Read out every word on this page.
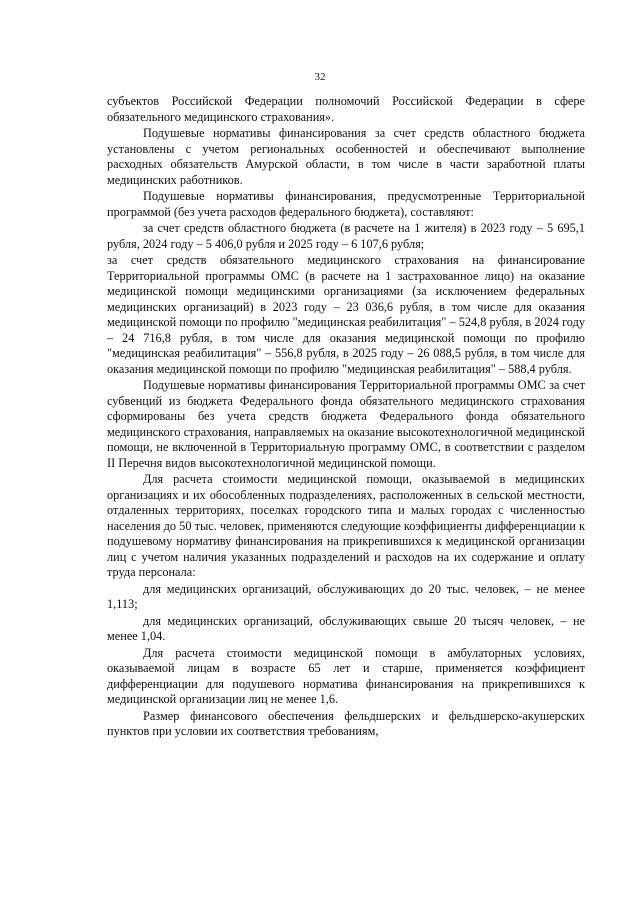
32

субъектов Российской Федерации полномочий Российской Федерации в сфере обязательного медицинского страхования».

Подушевые нормативы финансирования за счет средств областного бюджета установлены с учетом региональных особенностей и обеспечивают выполнение расходных обязательств Амурской области, в том числе в части заработной платы медицинских работников.

Подушевые нормативы финансирования, предусмотренные Территориальной программой (без учета расходов федерального бюджета), составляют:

за счет средств областного бюджета (в расчете на 1 жителя) в 2023 году – 5 695,1 рубля, 2024 году – 5 406,0 рубля и 2025 году – 6 107,6 рубля;

за счет средств обязательного медицинского страхования на финансирование Территориальной программы ОМС (в расчете на 1 застрахованное лицо) на оказание медицинской помощи медицинскими организациями (за исключением федеральных медицинских организаций) в 2023 году – 23 036,6 рубля, в том числе для оказания медицинской помощи по профилю "медицинская реабилитация" – 524,8 рубля, в 2024 году – 24 716,8 рубля, в том числе для оказания медицинской помощи по профилю "медицинская реабилитация" – 556,8 рубля, в 2025 году – 26 088,5 рубля, в том числе для оказания медицинской помощи по профилю "медицинская реабилитация" – 588,4 рубля.

Подушевые нормативы финансирования Территориальной программы ОМС за счет субвенций из бюджета Федерального фонда обязательного медицинского страхования сформированы без учета средств бюджета Федерального фонда обязательного медицинского страхования, направляемых на оказание высокотехнологичной медицинской помощи, не включенной в Территориальную программу ОМС, в соответствии с разделом II Перечня видов высокотехнологичной медицинской помощи.

Для расчета стоимости медицинской помощи, оказываемой в медицинских организациях и их обособленных подразделениях, расположенных в сельской местности, отдаленных территориях, поселках городского типа и малых городах с численностью населения до 50 тыс. человек, применяются следующие коэффициенты дифференциации к подушевому нормативу финансирования на прикрепившихся к медицинской организации лиц с учетом наличия указанных подразделений и расходов на их содержание и оплату труда персонала:

для медицинских организаций, обслуживающих до 20 тыс. человек, – не менее 1,113;

для медицинских организаций, обслуживающих свыше 20 тысяч человек, – не менее 1,04.

Для расчета стоимости медицинской помощи в амбулаторных условиях, оказываемой лицам в возрасте 65 лет и старше, применяется коэффициент дифференциации для подушевого норматива финансирования на прикрепившихся к медицинской организации лиц не менее 1,6.

Размер финансового обеспечения фельдшерских и фельдшерско-акушерских пунктов при условии их соответствия требованиям,
